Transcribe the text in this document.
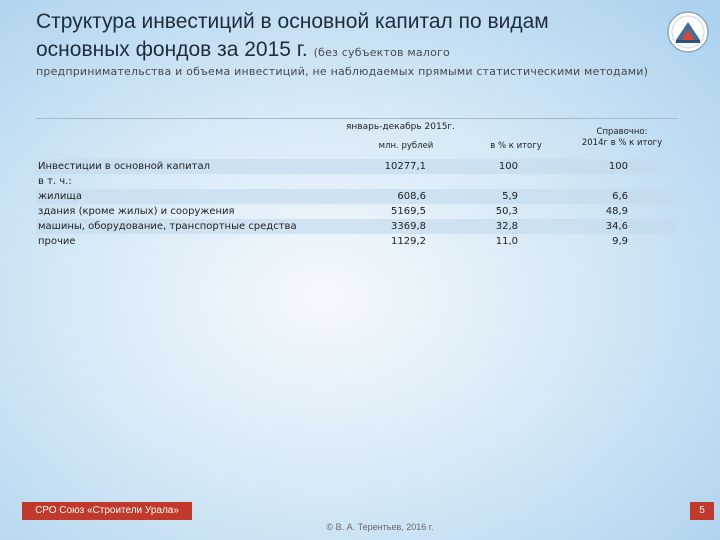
Структура инвестиций в основной капитал по видам основных фондов за 2015 г. (без субъектов малого
предпринимательства и объема инвестиций, не наблюдаемых прямыми статистическими методами)
январь-декабрь 2015г.
млн. рублей	в % к итогу
Справочно:
2014г в % к итогу
Инвестиции в основной капитал	10277,1	100	100
в т. ч.:
жилища	608,6	5,9	6,6
здания (кроме жилых) и сооружения	5169,5	50,3	48,9
машины, оборудование, транспортные средства	3369,8	32,8	34,6
прочие	1129,2	11,0	9,9
СРО Союз «Строители Урала»	5
© В. А. Терентьев, 2016 г.
